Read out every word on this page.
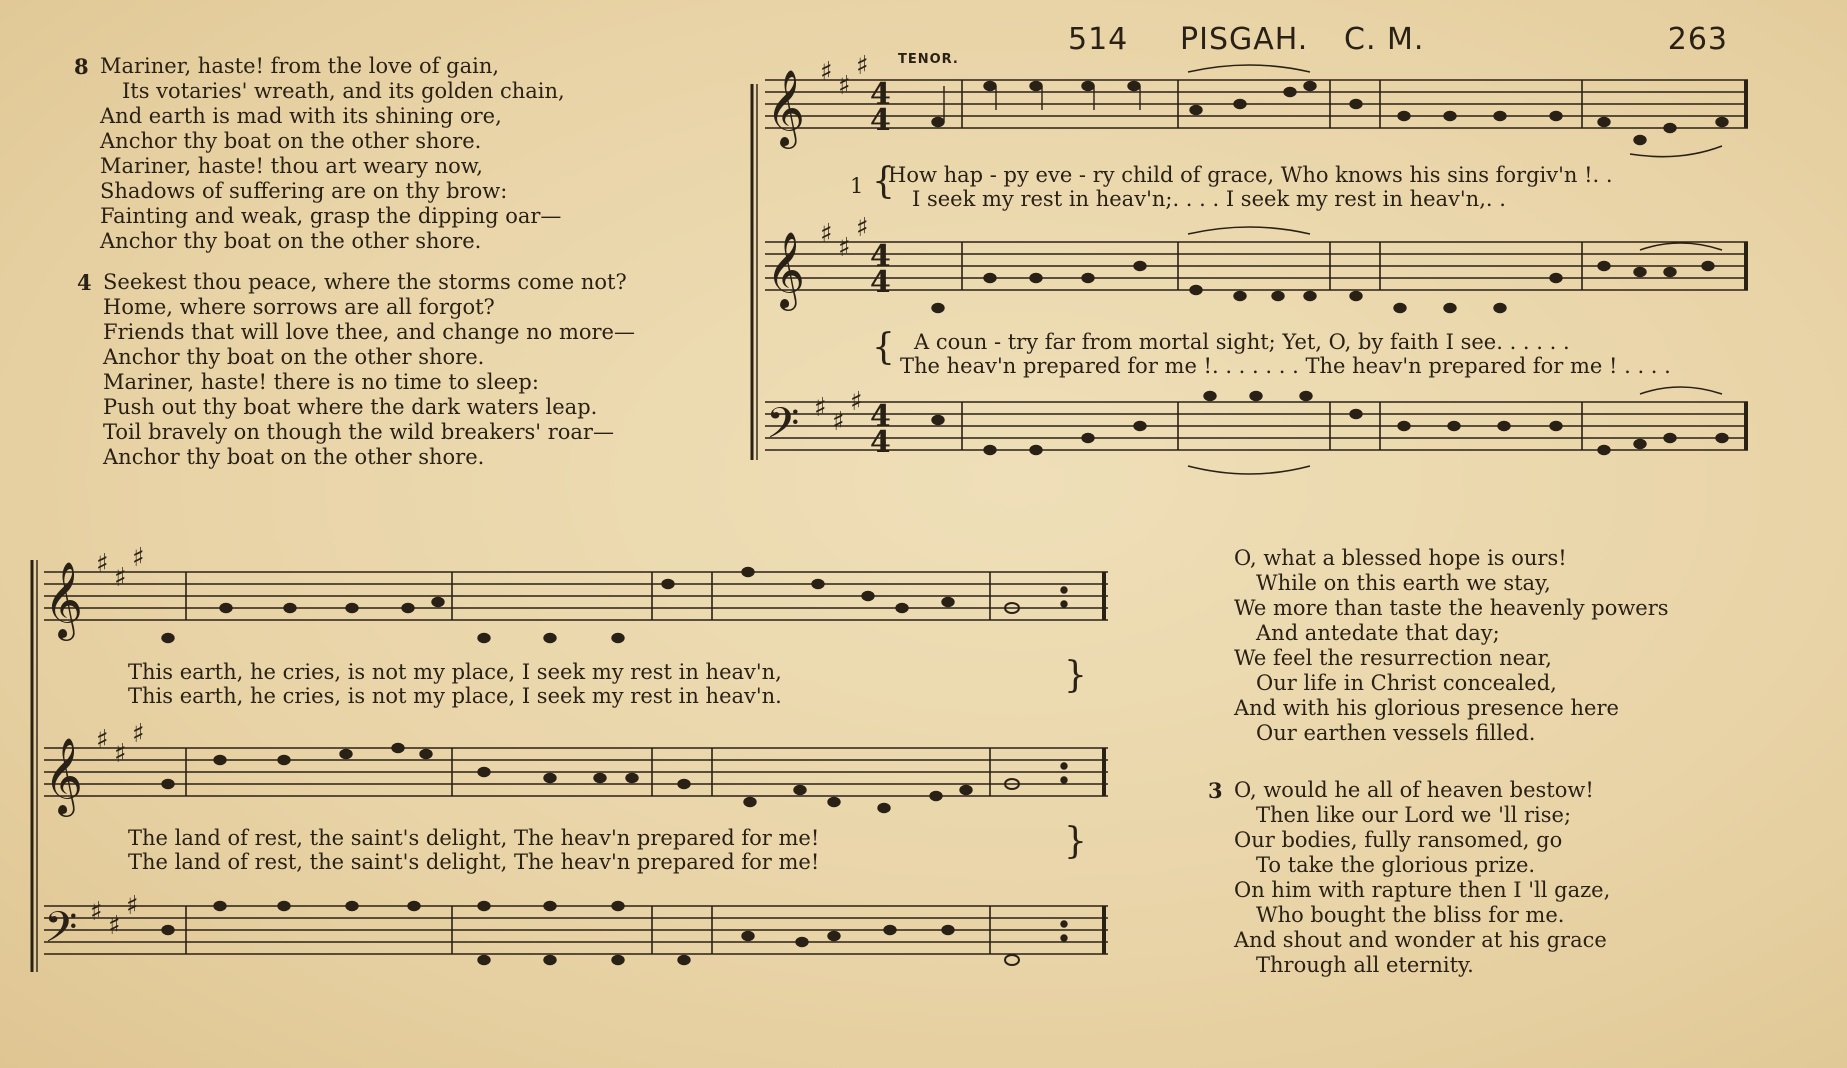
514 PISGAH. C. M.	263
8 Mariner, haste! from the love of gain,
Its votaries' wreath, and its golden chain,
And earth is mad with its shining ore,
Anchor thy boat on the other shore.
Mariner, haste! thou art weary now,
Shadows of suffering are on thy brow:
Fainting and weak, grasp the dipping oar—
Anchor thy boat on the other shore.
4 Seekest thou peace, where the storms come not?
Home, where sorrows are all forgot?
Friends that will love thee, and change no more—
Anchor thy boat on the other shore.
Mariner, haste! there is no time to sleep:
Push out thy boat where the dark waters leap.
Toil bravely on though the wild breakers' roar—
Anchor thy boat on the other shore.
TENOR.
𝄞
𝄞
𝄢
𝄞
𝄞
𝄢
♯ ♯
♯
♯ ♯
♯
♯ ♯
♯
♯ ♯
♯
♯ ♯
♯
♯ ♯
♯
4
4
4
4
4
4
1 {
How hap - py eve - ry child of grace, Who knows his sins forgiv'n !. .
I seek my rest in heav'n;. . . . I seek my rest in heav'n,. .
{ A coun - try far from mortal sight; Yet, O, by faith I see. . . . . .
The heav'n prepared for me !. . . . . . . The heav'n prepared for me ! . . . .
This earth, he cries, is not my place, I seek my rest in heav'n,
This earth, he cries, is not my place, I seek my rest in heav'n.	}
The land of rest, the saint's delight, The heav'n prepared for me!
The land of rest, the saint's delight, The heav'n prepared for me!	}
O, what a blessed hope is ours!
While on this earth we stay,
We more than taste the heavenly powers
And antedate that day;
We feel the resurrection near,
Our life in Christ concealed,
And with his glorious presence here
Our earthen vessels filled.
3 O, would he all of heaven bestow!
Then like our Lord we 'll rise;
Our bodies, fully ransomed, go
To take the glorious prize.
On him with rapture then I 'll gaze,
Who bought the bliss for me.
And shout and wonder at his grace
Through all eternity.
